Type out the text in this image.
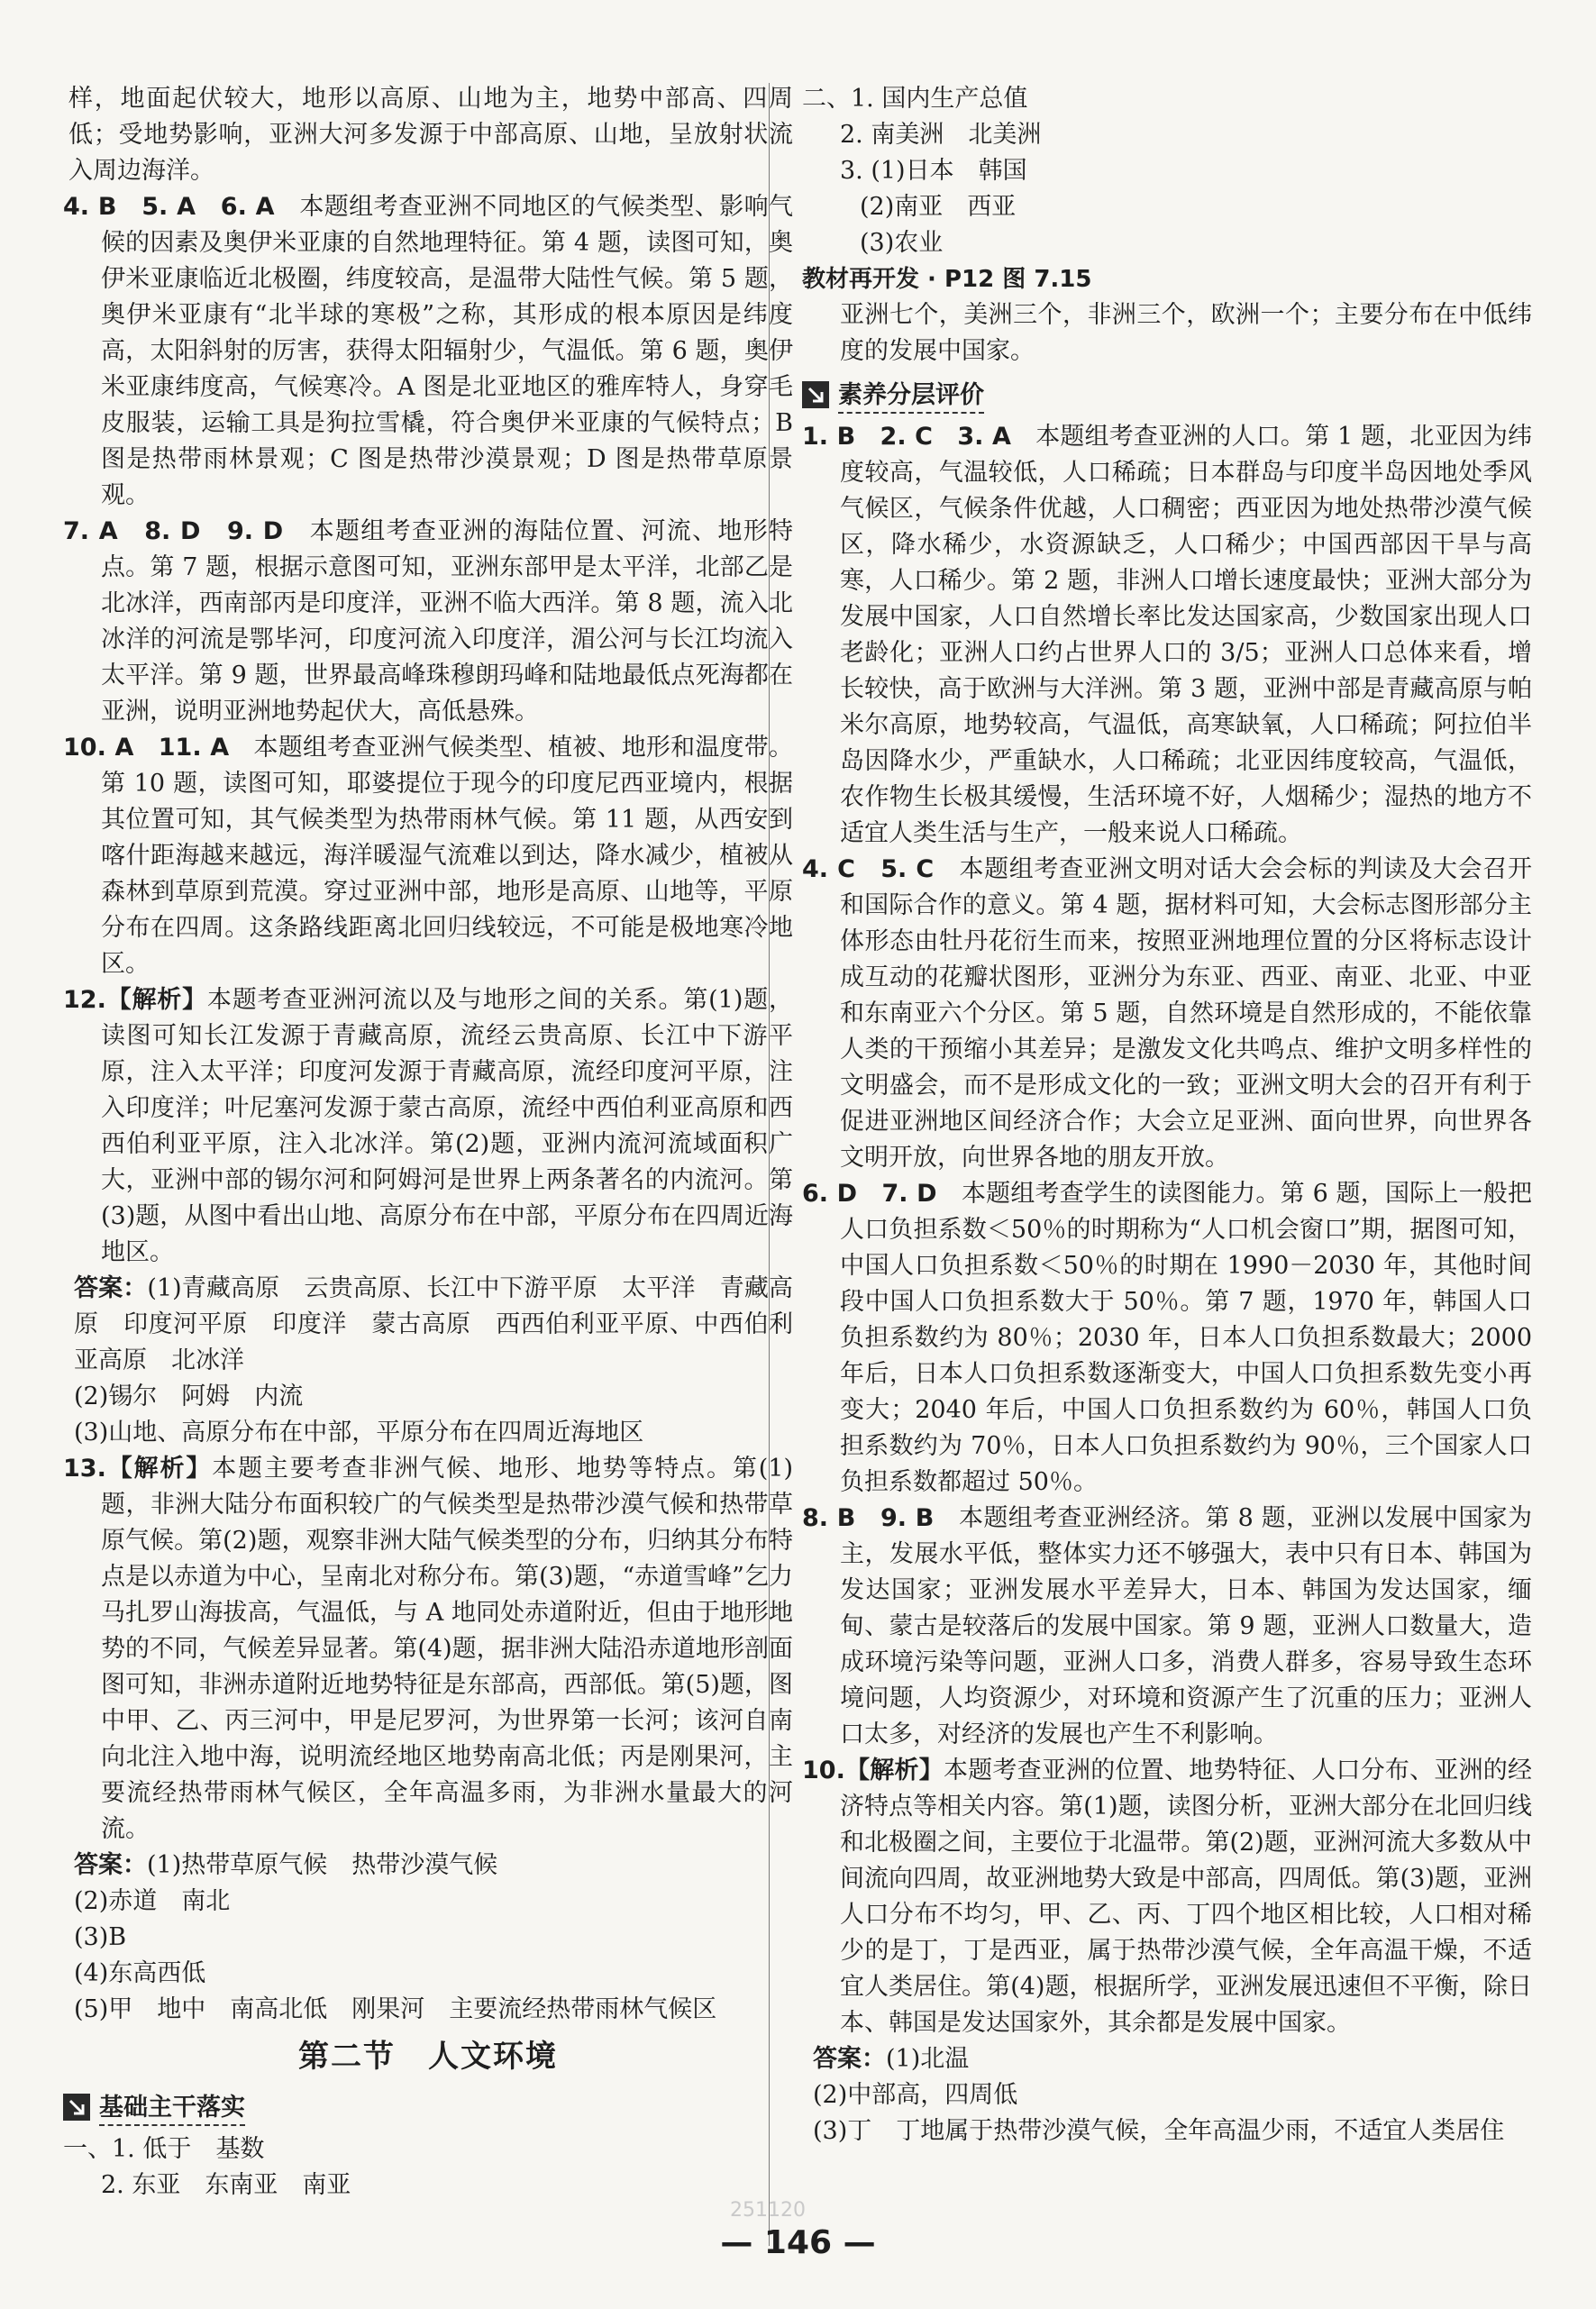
样，地面起伏较大，地形以高原、山地为主，地势中部高、四周低；受地势影响，亚洲大河多发源于中部高原、山地，呈放射状流入周边海洋。

4. B　5. A　6. A　本题组考查亚洲不同地区的气候类型、影响气候的因素及奥伊米亚康的自然地理特征。第 4 题，读图可知，奥伊米亚康临近北极圈，纬度较高，是温带大陆性气候。第 5 题，奥伊米亚康有“北半球的寒极”之称，其形成的根本原因是纬度高，太阳斜射的厉害，获得太阳辐射少，气温低。第 6 题，奥伊米亚康纬度高，气候寒冷。A 图是北亚地区的雅库特人，身穿毛皮服装，运输工具是狗拉雪橇，符合奥伊米亚康的气候特点；B 图是热带雨林景观；C 图是热带沙漠景观；D 图是热带草原景观。

7. A　8. D　9. D　本题组考查亚洲的海陆位置、河流、地形特点。第 7 题，根据示意图可知，亚洲东部甲是太平洋，北部乙是北冰洋，西南部丙是印度洋，亚洲不临大西洋。第 8 题，流入北冰洋的河流是鄂毕河，印度河流入印度洋，湄公河与长江均流入太平洋。第 9 题，世界最高峰珠穆朗玛峰和陆地最低点死海都在亚洲，说明亚洲地势起伏大，高低悬殊。

10. A　11. A　本题组考查亚洲气候类型、植被、地形和温度带。第 10 题，读图可知，耶婆提位于现今的印度尼西亚境内，根据其位置可知，其气候类型为热带雨林气候。第 11 题，从西安到喀什距海越来越远，海洋暖湿气流难以到达，降水减少，植被从森林到草原到荒漠。穿过亚洲中部，地形是高原、山地等，平原分布在四周。这条路线距离北回归线较远，不可能是极地寒冷地区。

12.【解析】本题考查亚洲河流以及与地形之间的关系。第(1)题，读图可知长江发源于青藏高原，流经云贵高原、长江中下游平原，注入太平洋；印度河发源于青藏高原，流经印度河平原，注入印度洋；叶尼塞河发源于蒙古高原，流经中西伯利亚高原和西西伯利亚平原，注入北冰洋。第(2)题，亚洲内流河流域面积广大，亚洲中部的锡尔河和阿姆河是世界上两条著名的内流河。第(3)题，从图中看出山地、高原分布在中部，平原分布在四周近海地区。

答案：(1)青藏高原　云贵高原、长江中下游平原　太平洋　青藏高原　印度河平原　印度洋　蒙古高原　西西伯利亚平原、中西伯利亚高原　北冰洋

(2)锡尔　阿姆　内流

(3)山地、高原分布在中部，平原分布在四周近海地区

13.【解析】本题主要考查非洲气候、地形、地势等特点。第(1)题，非洲大陆分布面积较广的气候类型是热带沙漠气候和热带草原气候。第(2)题，观察非洲大陆气候类型的分布，归纳其分布特点是以赤道为中心，呈南北对称分布。第(3)题，“赤道雪峰”乞力马扎罗山海拔高，气温低，与 A 地同处赤道附近，但由于地形地势的不同，气候差异显著。第(4)题，据非洲大陆沿赤道地形剖面图可知，非洲赤道附近地势特征是东部高，西部低。第(5)题，图中甲、乙、丙三河中，甲是尼罗河，为世界第一长河；该河自南向北注入地中海，说明流经地区地势南高北低；丙是刚果河，主要流经热带雨林气候区，全年高温多雨，为非洲水量最大的河流。

答案：(1)热带草原气候　热带沙漠气候

(2)赤道　南北

(3)B

(4)东高西低

(5)甲　地中　南高北低　刚果河　主要流经热带雨林气候区

第二节　人文环境
基础主干落实

一、1. 低于　基数

2. 东亚　东南亚　南亚

二、1. 国内生产总值

2. 南美洲　北美洲

3. (1)日本　韩国

(2)南亚　西亚

(3)农业

教材再开发 · P12 图 7.15

亚洲七个，美洲三个，非洲三个，欧洲一个；主要分布在中低纬度的发展中国家。

素养分层评价

1. B　2. C　3. A　本题组考查亚洲的人口。第 1 题，北亚因为纬度较高，气温较低，人口稀疏；日本群岛与印度半岛因地处季风气候区，气候条件优越，人口稠密；西亚因为地处热带沙漠气候区，降水稀少，水资源缺乏，人口稀少；中国西部因干旱与高寒，人口稀少。第 2 题，非洲人口增长速度最快；亚洲大部分为发展中国家，人口自然增长率比发达国家高，少数国家出现人口老龄化；亚洲人口约占世界人口的 3/5；亚洲人口总体来看，增长较快，高于欧洲与大洋洲。第 3 题，亚洲中部是青藏高原与帕米尔高原，地势较高，气温低，高寒缺氧，人口稀疏；阿拉伯半岛因降水少，严重缺水，人口稀疏；北亚因纬度较高，气温低，农作物生长极其缓慢，生活环境不好，人烟稀少；湿热的地方不适宜人类生活与生产，一般来说人口稀疏。

4. C　5. C　本题组考查亚洲文明对话大会会标的判读及大会召开和国际合作的意义。第 4 题，据材料可知，大会标志图形部分主体形态由牡丹花衍生而来，按照亚洲地理位置的分区将标志设计成互动的花瓣状图形，亚洲分为东亚、西亚、南亚、北亚、中亚和东南亚六个分区。第 5 题，自然环境是自然形成的，不能依靠人类的干预缩小其差异；是激发文化共鸣点、维护文明多样性的文明盛会，而不是形成文化的一致；亚洲文明大会的召开有利于促进亚洲地区间经济合作；大会立足亚洲、面向世界，向世界各文明开放，向世界各地的朋友开放。

6. D　7. D　本题组考查学生的读图能力。第 6 题，国际上一般把人口负担系数＜50％的时期称为“人口机会窗口”期，据图可知，中国人口负担系数＜50％的时期在 1990－2030 年，其他时间段中国人口负担系数大于 50％。第 7 题，1970 年，韩国人口负担系数约为 80％；2030 年，日本人口负担系数最大；2000 年后，日本人口负担系数逐渐变大，中国人口负担系数先变小再变大；2040 年后，中国人口负担系数约为 60％，韩国人口负担系数约为 70％，日本人口负担系数约为 90％，三个国家人口负担系数都超过 50％。

8. B　9. B　本题组考查亚洲经济。第 8 题，亚洲以发展中国家为主，发展水平低，整体实力还不够强大，表中只有日本、韩国为发达国家；亚洲发展水平差异大，日本、韩国为发达国家，缅甸、蒙古是较落后的发展中国家。第 9 题，亚洲人口数量大，造成环境污染等问题，亚洲人口多，消费人群多，容易导致生态环境问题，人均资源少，对环境和资源产生了沉重的压力；亚洲人口太多，对经济的发展也产生不利影响。

10.【解析】本题考查亚洲的位置、地势特征、人口分布、亚洲的经济特点等相关内容。第(1)题，读图分析，亚洲大部分在北回归线和北极圈之间，主要位于北温带。第(2)题，亚洲河流大多数从中间流向四周，故亚洲地势大致是中部高，四周低。第(3)题，亚洲人口分布不均匀，甲、乙、丙、丁四个地区相比较，人口相对稀少的是丁，丁是西亚，属于热带沙漠气候，全年高温干燥，不适宜人类居住。第(4)题，根据所学，亚洲发展迅速但不平衡，除日本、韩国是发达国家外，其余都是发展中国家。

答案：(1)北温

(2)中部高，四周低

(3)丁　丁地属于热带沙漠气候，全年高温少雨，不适宜人类居住

251120
— 146 —
